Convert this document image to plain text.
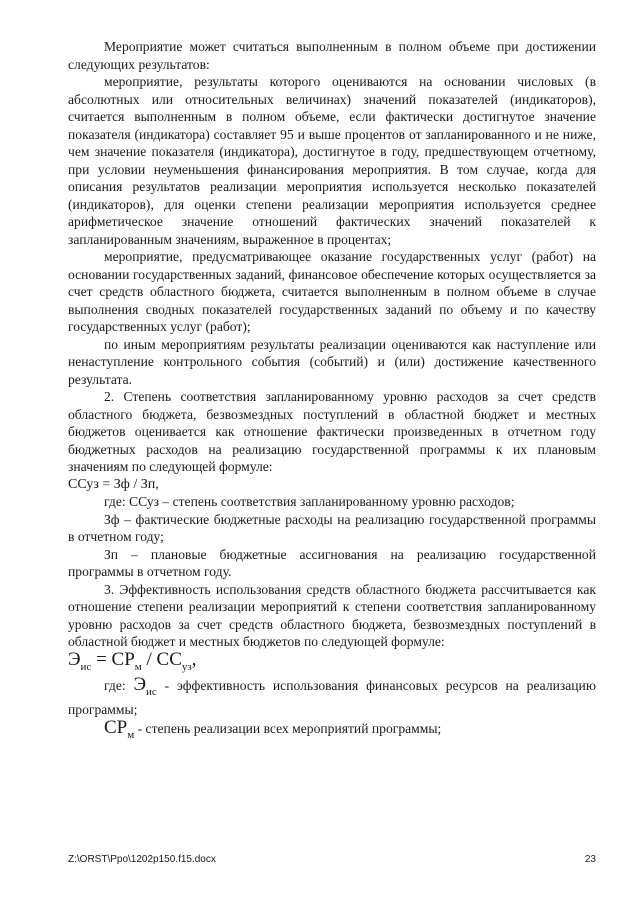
Мероприятие может считаться выполненным в полном объеме при достижении следующих результатов:

мероприятие, результаты которого оцениваются на основании числовых (в абсолютных или относительных величинах) значений показателей (индикаторов), считается выполненным в полном объеме, если фактически достигнутое значение показателя (индикатора) составляет 95 и выше процентов от запланированного и не ниже, чем значение показателя (индикатора), достигнутое в году, предшествующем отчетному, при условии неуменьшения финансирования мероприятия. В том случае, когда для описания результатов реализации мероприятия используется несколько показателей (индикаторов), для оценки степени реализации мероприятия используется среднее арифметическое значение отношений фактических значений показателей к запланированным значениям, выраженное в процентах;

мероприятие, предусматривающее оказание государственных услуг (работ) на основании государственных заданий, финансовое обеспечение которых осуществляется за счет средств областного бюджета, считается выполненным в полном объеме в случае выполнения сводных показателей государственных заданий по объему и по качеству государственных услуг (работ);

по иным мероприятиям результаты реализации оцениваются как наступление или ненаступление контрольного события (событий) и (или) достижение качественного результата.

2. Степень соответствия запланированному уровню расходов за счет средств областного бюджета, безвозмездных поступлений в областной бюджет и местных бюджетов оценивается как отношение фактически произведенных в отчетном году бюджетных расходов на реализацию государственной программы к их плановым значениям по следующей формуле:

ССуз = Зф / Зп,

где: ССуз – степень соответствия запланированному уровню расходов;

Зф – фактические бюджетные расходы на реализацию государственной программы в отчетном году;

Зп – плановые бюджетные ассигнования на реализацию государственной программы в отчетном году.

3. Эффективность использования средств областного бюджета рассчитывается как отношение степени реализации мероприятий к степени соответствия запланированному уровню расходов за счет средств областного бюджета, безвозмездных поступлений в областной бюджет и местных бюджетов по следующей формуле:

$Э_{ис} = СР_м / СС_{уз}$,

где: $Э_{ис}$ - эффективность использования финансовых ресурсов на реализацию программы;

$СР_м$ - степень реализации всех мероприятий программы;

Z:\ORST\Ppo\1202p150.f15.docx	23
